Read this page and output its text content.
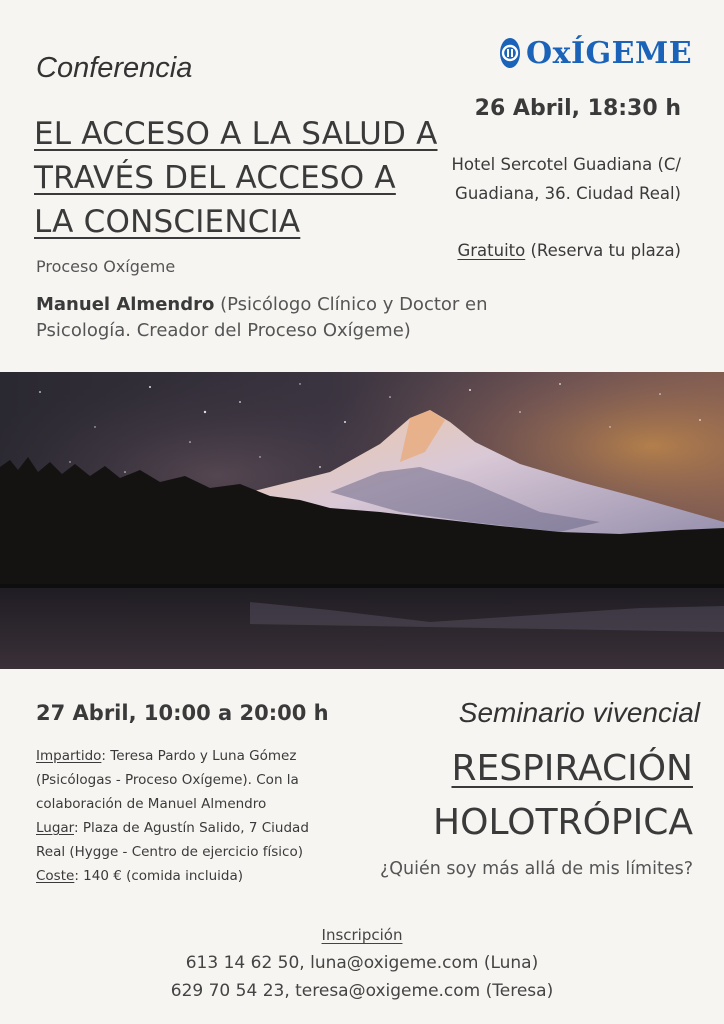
Conferencia
EL ACCESO A LA SALUD A
TRAVÉS DEL ACCESO A
LA CONSCIENCIA
Proceso Oxígeme
Manuel Almendro (Psicólogo Clínico y Doctor en Psicología. Creador del Proceso Oxígeme)
OxÍGEME
26 Abril, 18:30 h
Hotel Sercotel Guadiana (C/ Guadiana, 36. Ciudad Real)
Gratuito (Reserva tu plaza)
27 Abril, 10:00 a 20:00 h
Impartido: Teresa Pardo y Luna Gómez (Psicólogas - Proceso Oxígeme). Con la colaboración de Manuel Almendro
Lugar: Plaza de Agustín Salido, 7 Ciudad Real (Hygge - Centro de ejercicio físico)
Coste: 140 € (comida incluida)
Seminario vivencial
RESPIRACIÓN
HOLOTRÓPICA
¿Quién soy más allá de mis límites?
Inscripción
613 14 62 50, luna@oxigeme.com (Luna)
629 70 54 23, teresa@oxigeme.com (Teresa)
